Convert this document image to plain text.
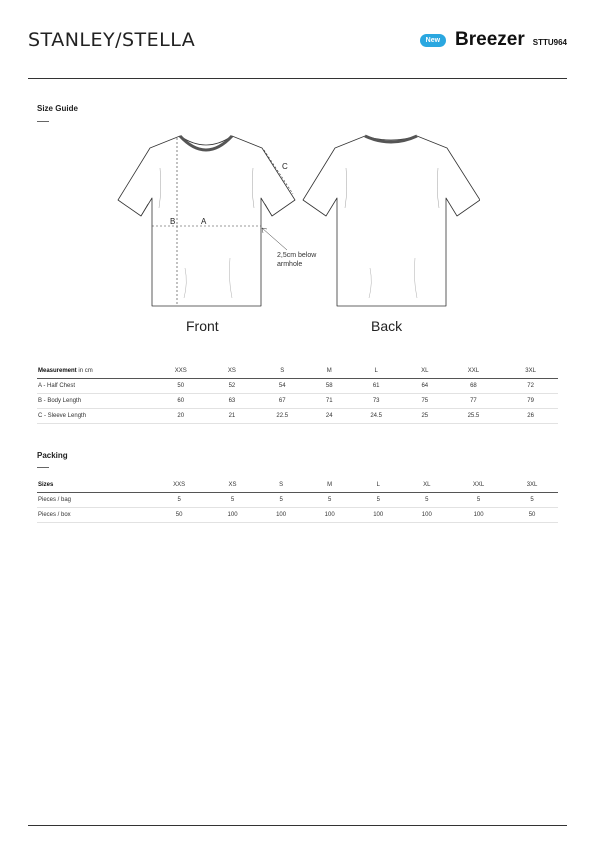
STANLEY/STELLA	New Breezer STTU964
Size Guide
B	A
C
2,5cm below
armhole
Front	Back
Measurement in cm	XXS	XS	S	M	L	XL	XXL	3XL
A - Half Chest	50	52	54	58	61	64	68	72
B - Body Length	60	63	67	71	73	75	77	79
C - Sleeve Length	20	21	22.5	24	24.5	25	25.5	26
Packing
Sizes	XXS	XS	S	M	L	XL	XXL	3XL
Pieces / bag	5	5	5	5	5	5	5	5
Pieces / box	50	100	100	100	100	100	100	50
